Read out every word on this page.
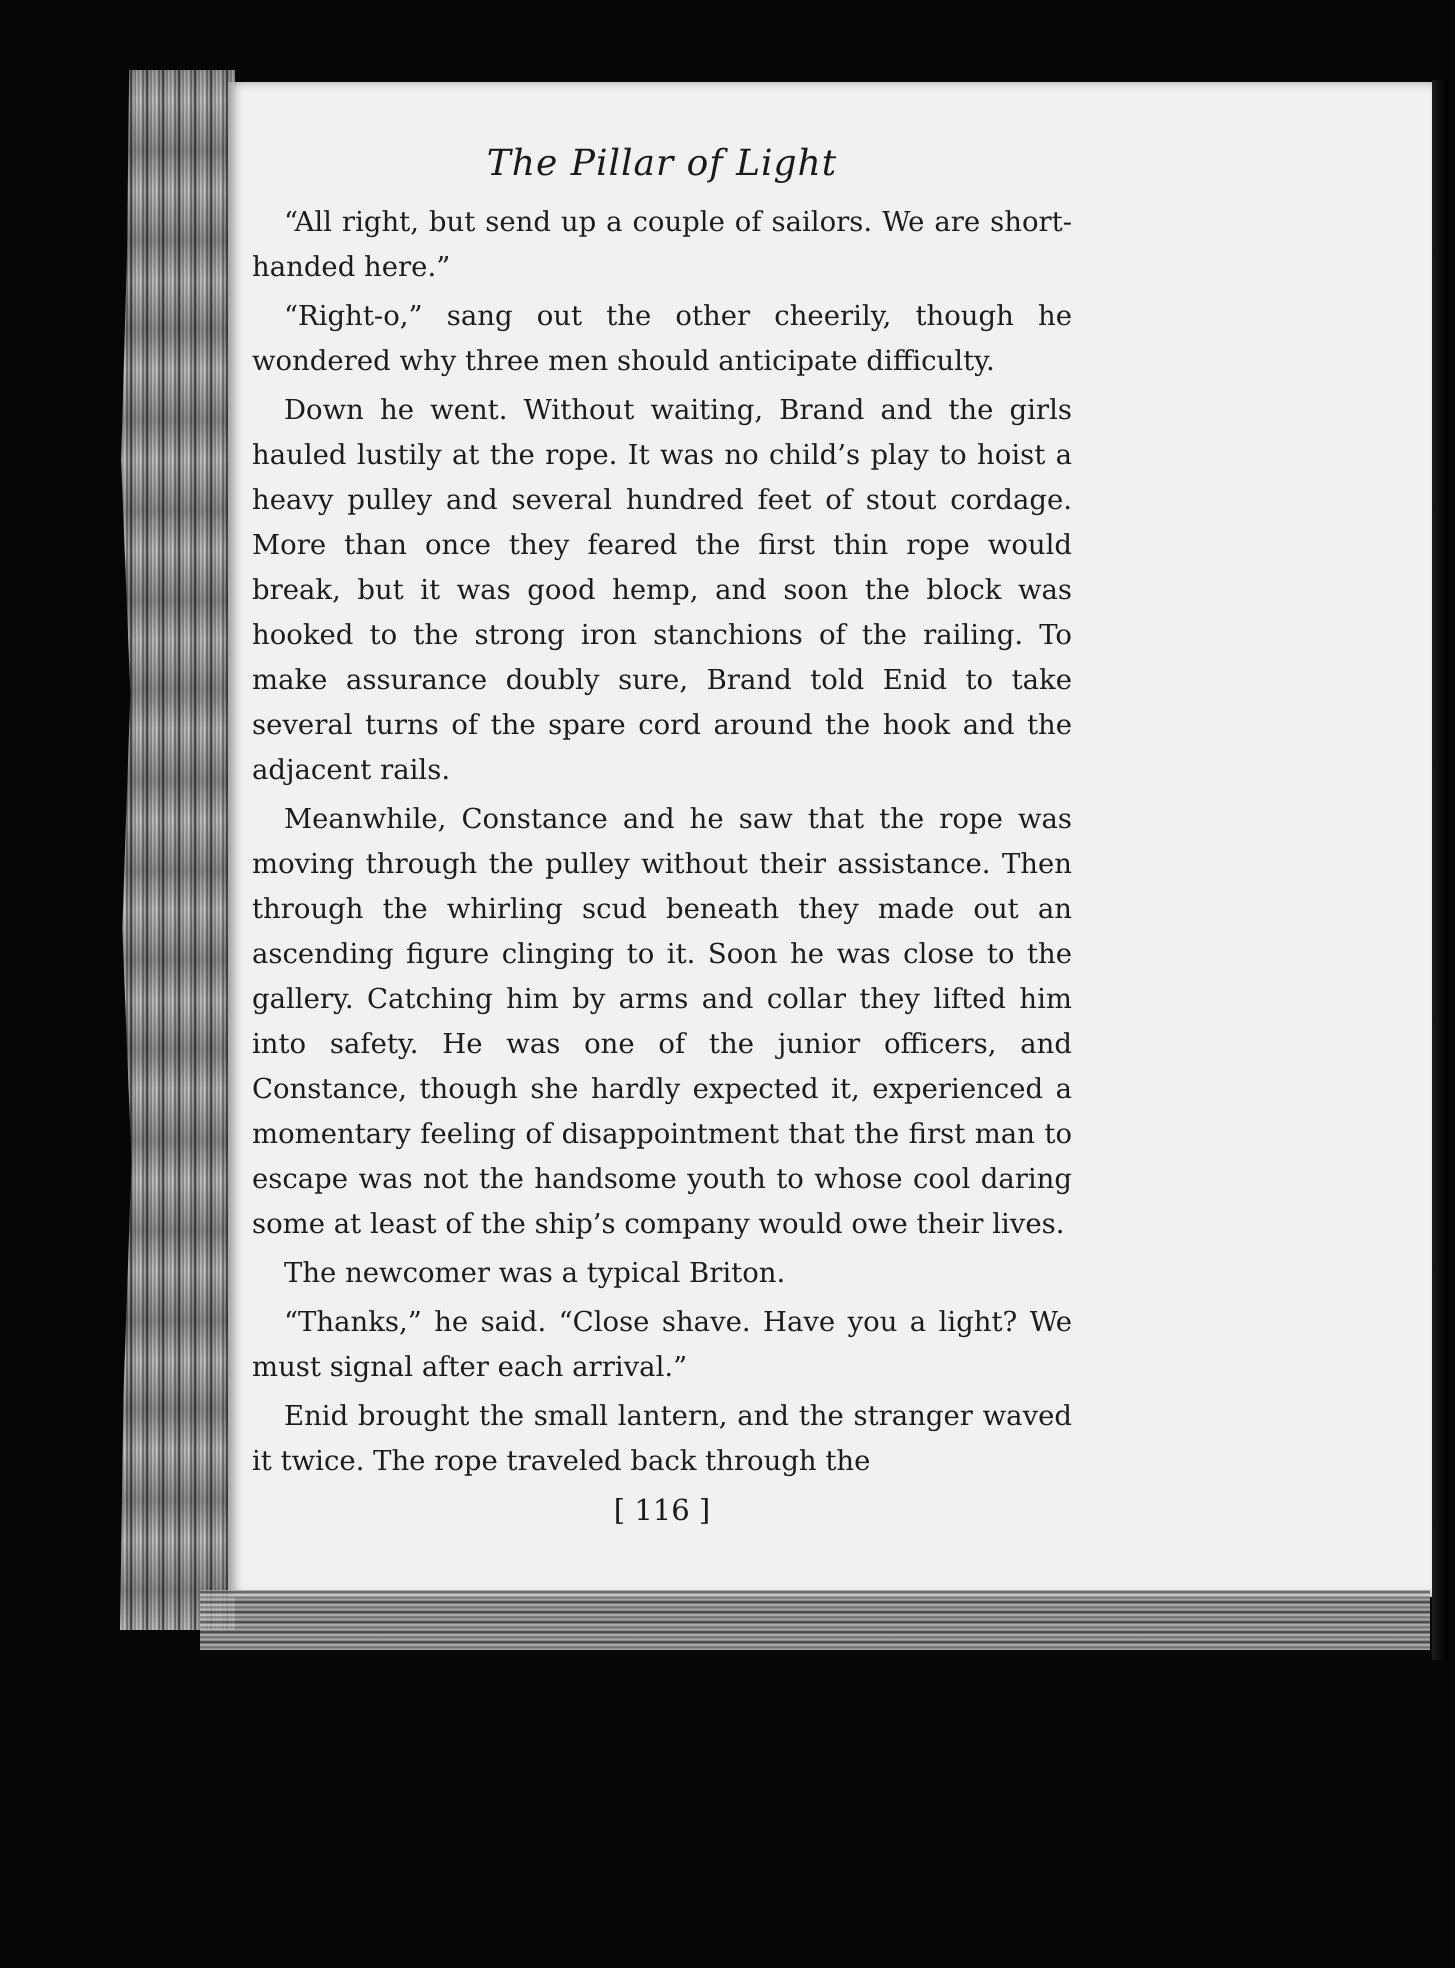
The Pillar of Light

“All right, but send up a couple of sailors. We are short-handed here.”

“Right-o,” sang out the other cheerily, though he wondered why three men should anticipate difficulty.

Down he went. Without waiting, Brand and the girls hauled lustily at the rope. It was no child’s play to hoist a heavy pulley and several hundred feet of stout cordage. More than once they feared the first thin rope would break, but it was good hemp, and soon the block was hooked to the strong iron stanchions of the railing. To make assurance doubly sure, Brand told Enid to take several turns of the spare cord around the hook and the adjacent rails.

Meanwhile, Constance and he saw that the rope was moving through the pulley without their assistance. Then through the whirling scud beneath they made out an ascending figure clinging to it. Soon he was close to the gallery. Catching him by arms and collar they lifted him into safety. He was one of the junior officers, and Constance, though she hardly expected it, experienced a momentary feeling of disappointment that the first man to escape was not the handsome youth to whose cool daring some at least of the ship’s company would owe their lives.

The newcomer was a typical Briton.

“Thanks,” he said. “Close shave. Have you a light? We must signal after each arrival.”

Enid brought the small lantern, and the stranger waved it twice. The rope traveled back through the

[ 116 ]
